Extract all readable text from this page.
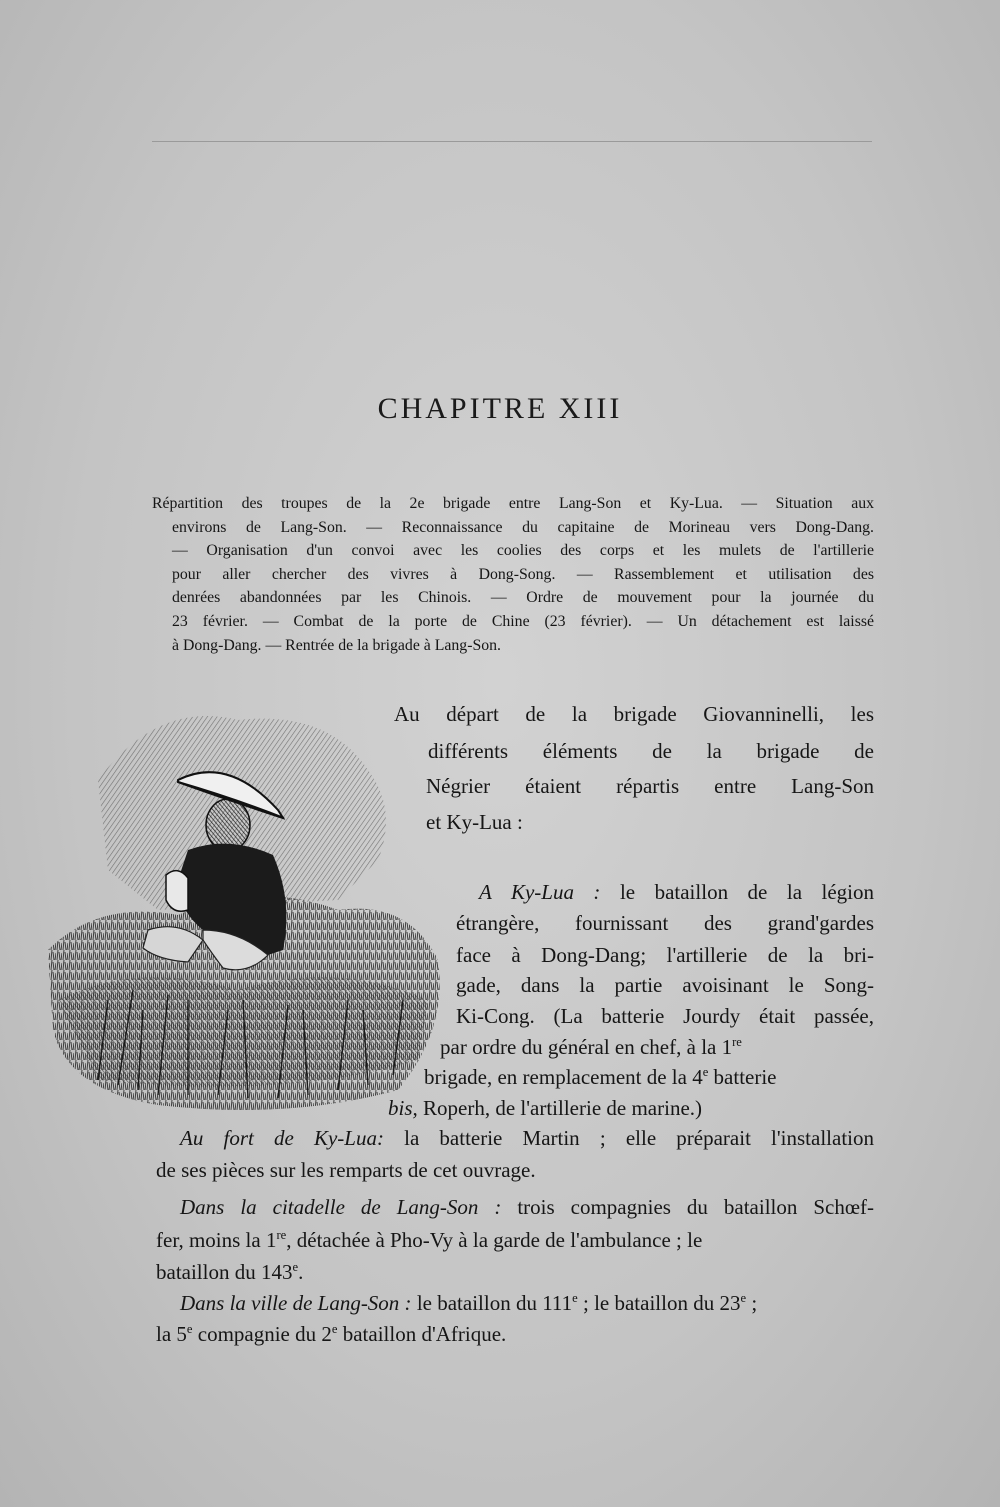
CHAPITRE XIII
Répartition des troupes de la 2e brigade entre Lang-Son et Ky-Lua. — Situation aux
environs de Lang-Son. — Reconnaissance du capitaine de Morineau vers Dong-Dang.
— Organisation d'un convoi avec les coolies des corps et les mulets de l'artillerie
pour aller chercher des vivres à Dong-Song. — Rassemblement et utilisation des
denrées abandonnées par les Chinois. — Ordre de mouvement pour la journée du
23 février. — Combat de la porte de Chine (23 février). — Un détachement est laissé
à Dong-Dang. — Rentrée de la brigade à Lang-Son.
Au départ de la brigade Giovanninelli, les
différents éléments de la brigade de
Négrier étaient répartis entre Lang-Son
et Ky-Lua :
A Ky-Lua : le bataillon de la légion
étrangère, fournissant des grand'gardes
face à Dong-Dang; l'artillerie de la bri-
gade, dans la partie avoisinant le Song-
Ki-Cong. (La batterie Jourdy était passée,
par ordre du général en chef, à la 1re
brigade, en remplacement de la 4e batterie
bis, Roperh, de l'artillerie de marine.)
Au fort de Ky-Lua: la batterie Martin ; elle préparait l'installation
de ses pièces sur les remparts de cet ouvrage.
Dans la citadelle de Lang-Son : trois compagnies du bataillon Schœf-
fer, moins la 1re, détachée à Pho-Vy à la garde de l'ambulance ; le
bataillon du 143e.
Dans la ville de Lang-Son : le bataillon du 111e ; le bataillon du 23e ;
la 5e compagnie du 2e bataillon d'Afrique.
